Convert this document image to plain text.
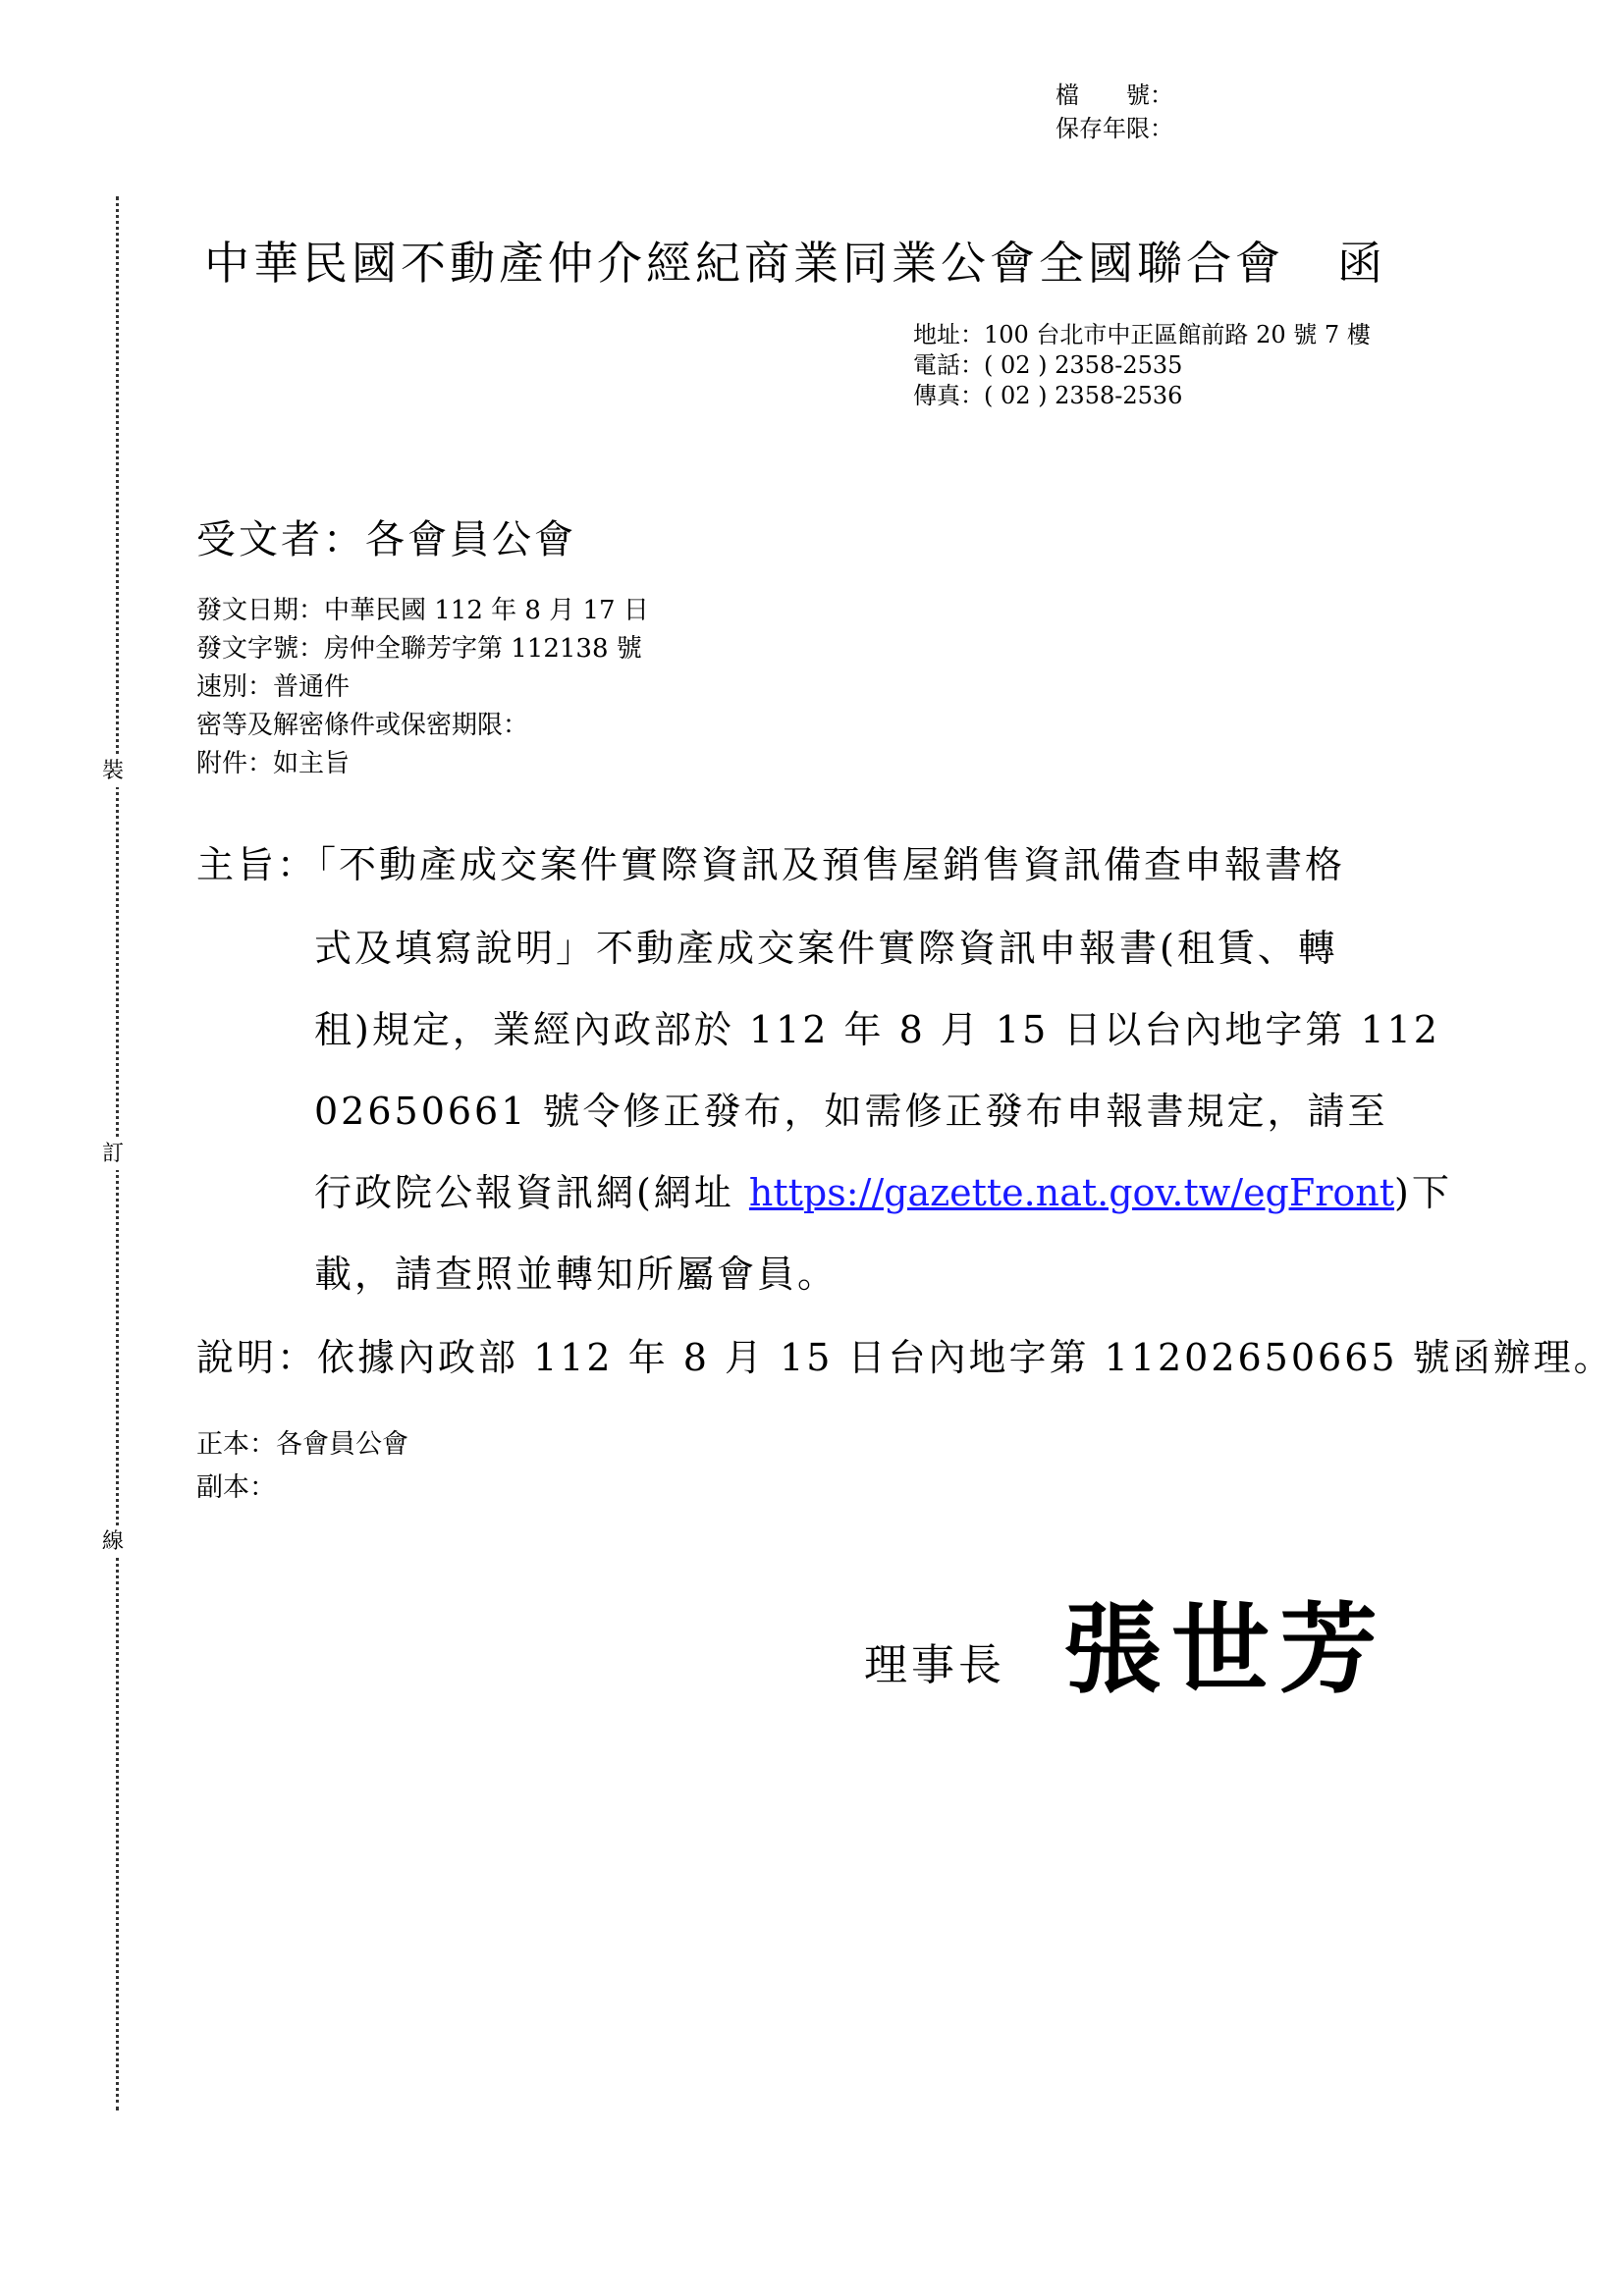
裝
訂
線
檔　　號：
保存年限：
中華民國不動產仲介經紀商業同業公會全國聯合會 函
地址：100 台北市中正區館前路 20 號 7 樓
電話：( 02 ) 2358-2535
傳真：( 02 ) 2358-2536
受文者：各會員公會
發文日期：中華民國 112 年 8 月 17 日
發文字號：房仲全聯芳字第 112138 號
速別：普通件
密等及解密條件或保密期限：
附件：如主旨
主旨：「不動產成交案件實際資訊及預售屋銷售資訊備查申報書格
式及填寫說明」不動產成交案件實際資訊申報書(租賃、轉
租)規定，業經內政部於 112 年 8 月 15 日以台內地字第 112
02650661 號令修正發布，如需修正發布申報書規定，請至
行政院公報資訊網(網址 https://gazette.nat.gov.tw/egFront)下
載，請查照並轉知所屬會員。
說明：依據內政部 112 年 8 月 15 日台內地字第 11202650665 號函辦理。
正本：各會員公會
副本：
理事長 張世芳
